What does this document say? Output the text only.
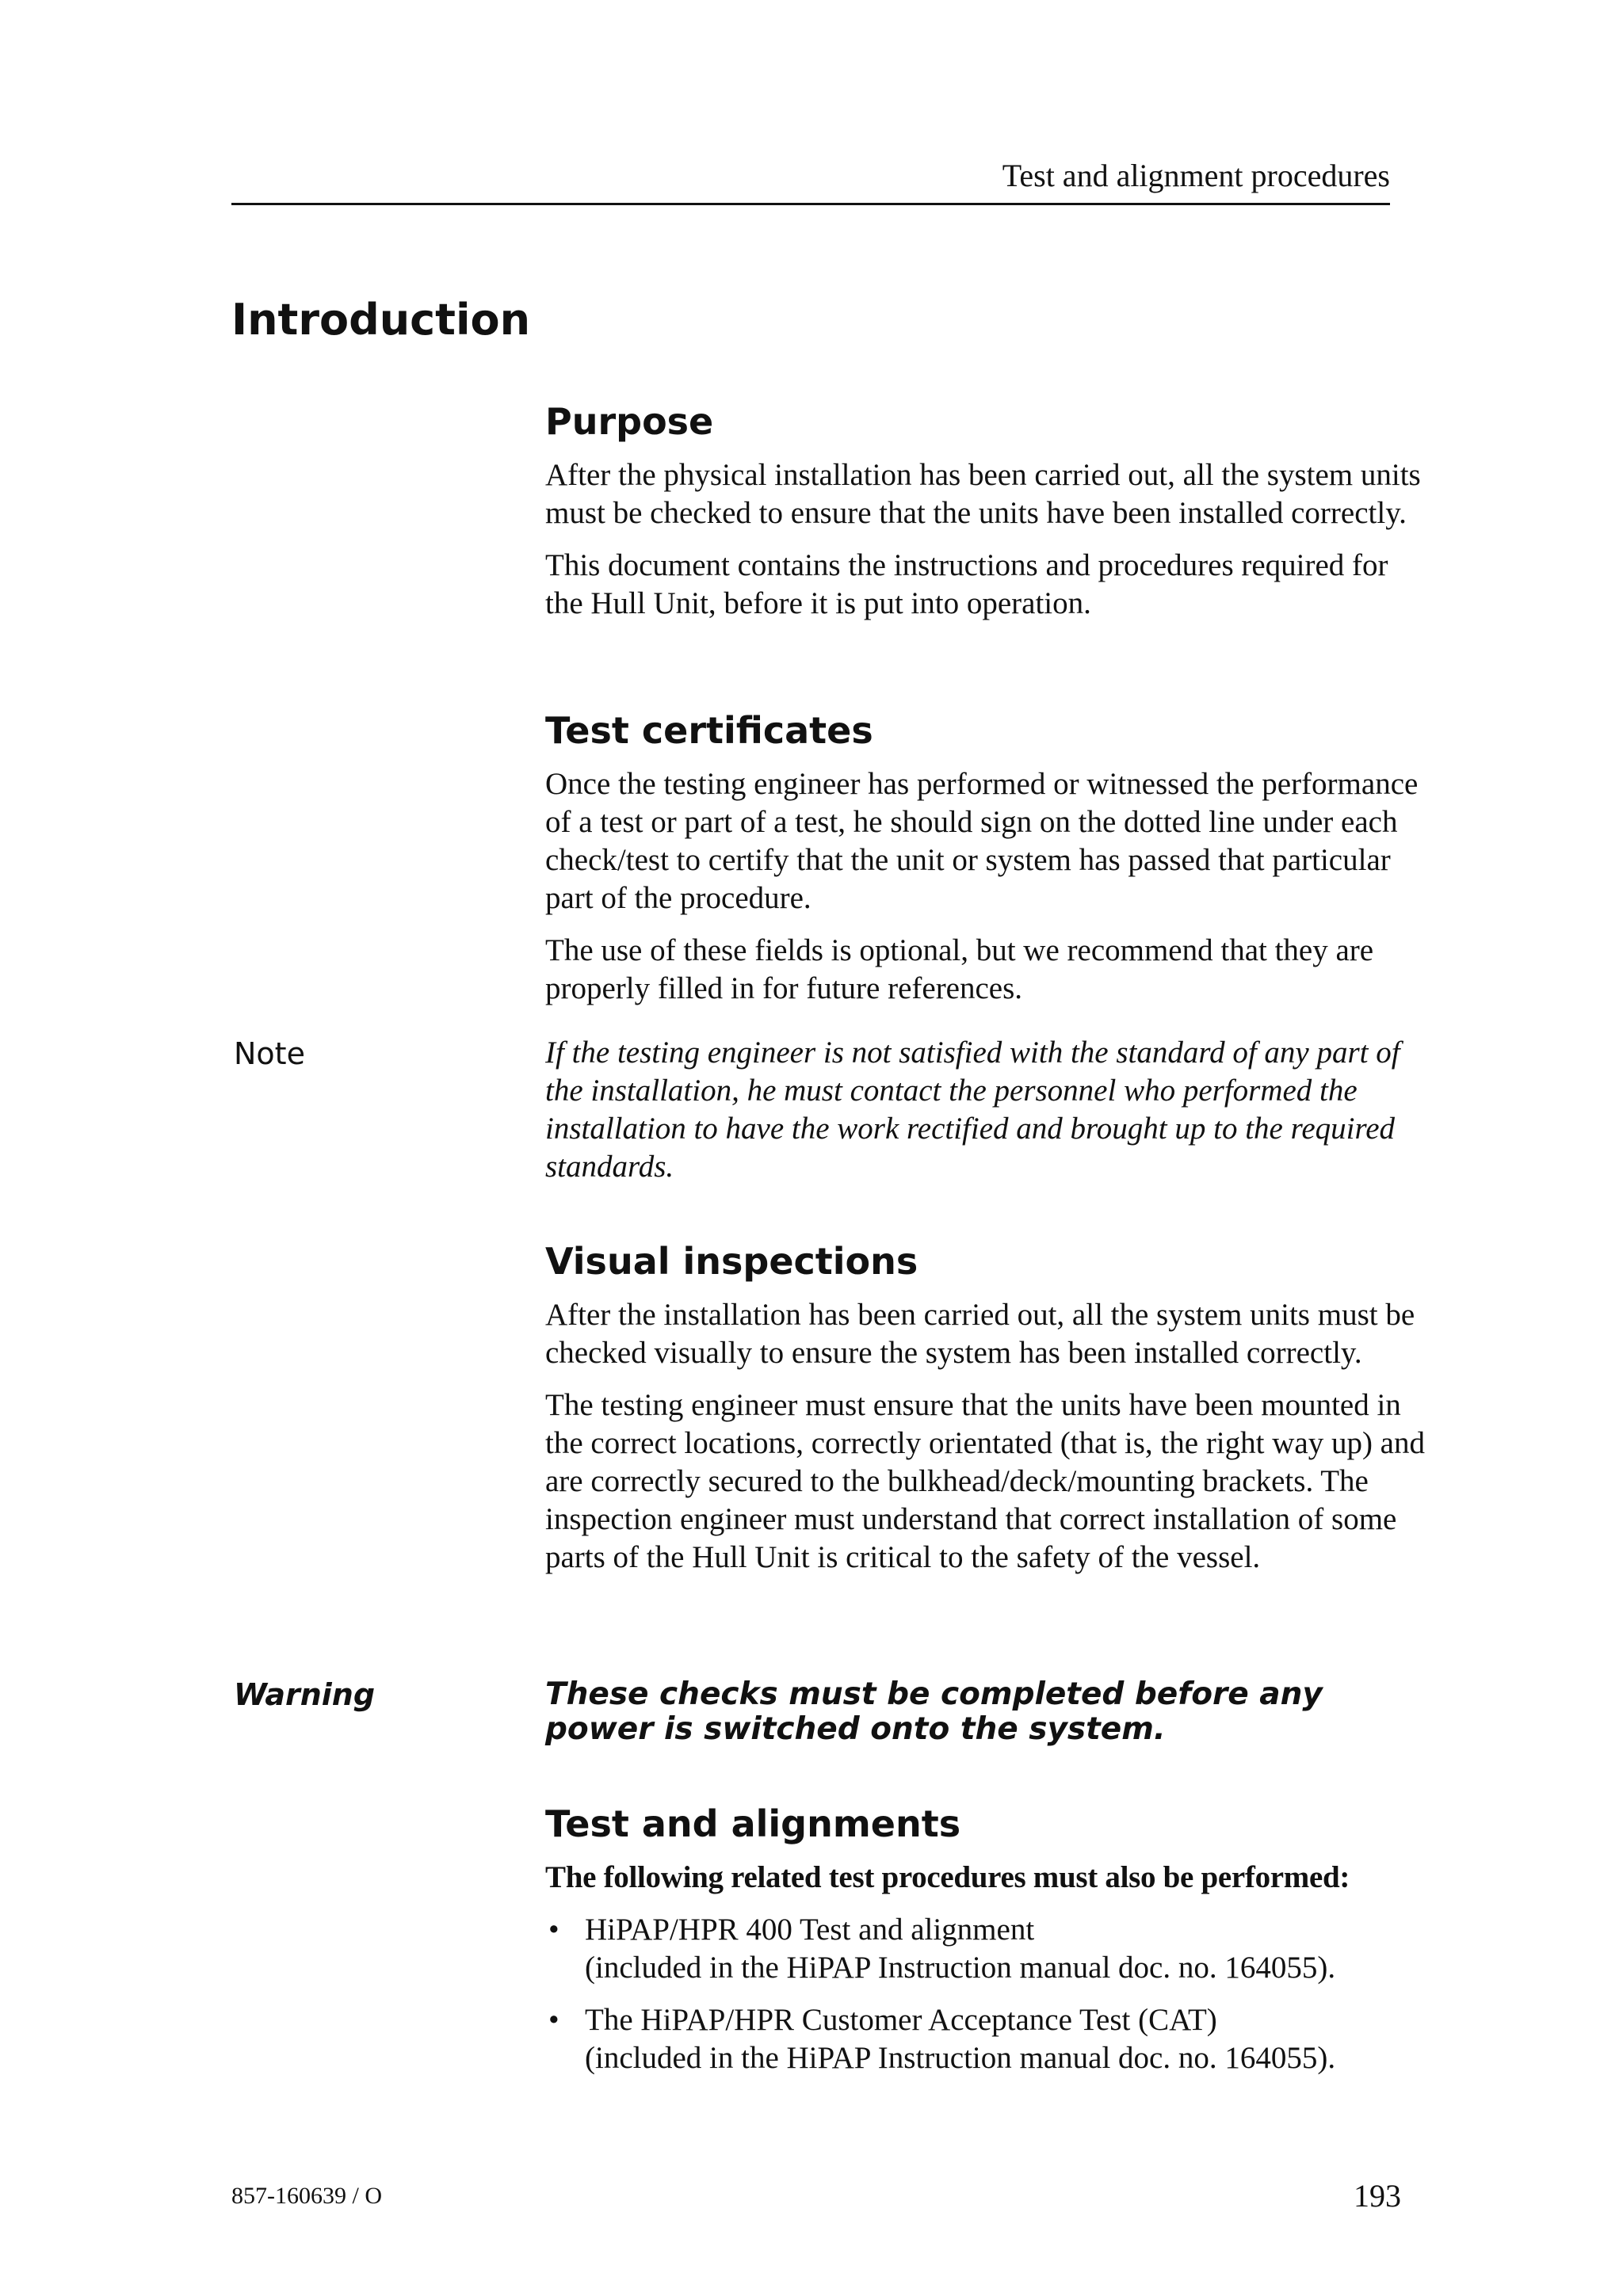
Test and alignment procedures
Introduction
Purpose

After the physical installation has been carried out, all the system units must be checked to ensure that the units have been installed correctly.

This document contains the instructions and procedures required for the Hull Unit, before it is put into operation.

Test certificates

Once the testing engineer has performed or witnessed the performance of a test or part of a test, he should sign on the dotted line under each check/test to certify that the unit or system has passed that particular part of the procedure.

The use of these fields is optional, but we recommend that they are properly filled in for future references.

Note	If the testing engineer is not satisfied with the standard of any part of the installation, he must contact the personnel who performed the installation to have the work rectified and brought up to the required standards.
Visual inspections

After the installation has been carried out, all the system units must be checked visually to ensure the system has been installed correctly.

The testing engineer must ensure that the units have been mounted in the correct locations, correctly orientated (that is, the right way up) and are correctly secured to the bulkhead/deck/mounting brackets. The inspection engineer must understand that correct installation of some parts of the Hull Unit is critical to the safety of the vessel.

Warning	These checks must be completed before any
power is switched onto the system.
Test and alignments

The following related test procedures must also be performed:

• HiPAP/HPR 400 Test and alignment
(included in the HiPAP Instruction manual doc. no. 164055).
• The HiPAP/HPR Customer Acceptance Test (CAT)
(included in the HiPAP Instruction manual doc. no. 164055).
857-160639 / O	193
